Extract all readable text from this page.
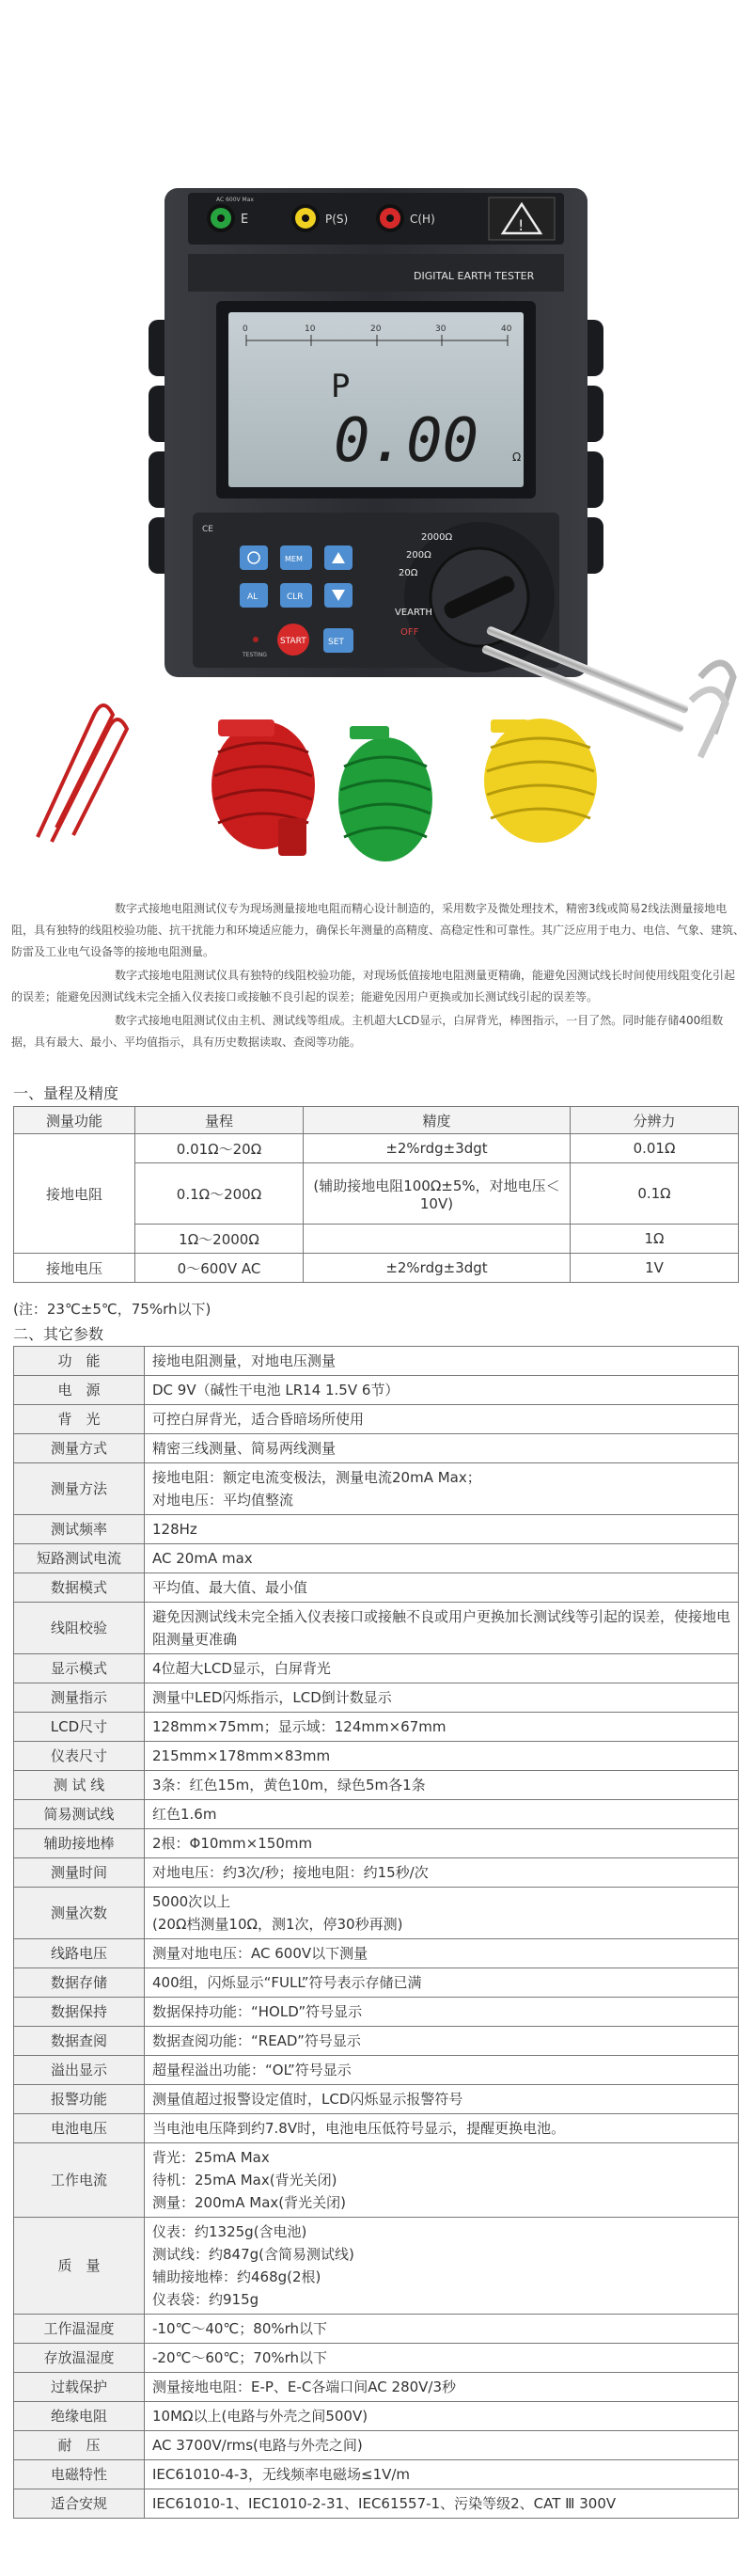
AC 600V Max
E	P(S)	C(H)	!
DIGITAL EARTH TESTER
0	10	20	30	40
P
0.00	Ω
CE
MEM
AL	CLR
TESTING
START	SET
2000Ω
200Ω
20Ω
VEARTH
OFF

数字式接地电阻测试仪专为现场测量接地电阻而精心设计制造的，采用数字及微处理技术，精密3线或简易2线法测量接地电阻，具有独特的线阻校验功能、抗干扰能力和环境适应能力，确保长年测量的高精度、高稳定性和可靠性。其广泛应用于电力、电信、气象、建筑、防雷及工业电气设备等的接地电阻测量。

数字式接地电阻测试仪具有独特的线阻校验功能，对现场低值接地电阻测量更精确，能避免因测试线长时间使用线阻变化引起的误差；能避免因测试线未完全插入仪表接口或接触不良引起的误差；能避免因用户更换或加长测试线引起的误差等。

数字式接地电阻测试仪由主机、测试线等组成。主机超大LCD显示，白屏背光，棒图指示，一目了然。同时能存储400组数据，具有最大、最小、平均值指示，具有历史数据读取、查阅等功能。

一、量程及精度
测量功能	量程	精度	分辨力
接地电阻	0.01Ω～20Ω	±2%rdg±3dgt	0.01Ω
	0.1Ω～200Ω	(辅助接地电阻100Ω±5%，对地电压＜10V)	0.1Ω
	1Ω～2000Ω		1Ω
接地电压	0～600V AC	±2%rdg±3dgt	1V
(注：23℃±5℃，75%rh以下)
二、其它参数
功　能	接地电阻测量，对地电压测量

电　源	DC 9V（碱性干电池 LR14 1.5V 6节）

背　光	可控白屏背光，适合昏暗场所使用

测量方式	精密三线测量、简易两线测量

测量方法	接地电阻：额定电流变极法，测量电流20mA Max；
对地电压：平均值整流

测试频率	128Hz

短路测试电流	AC 20mA max

数据模式	平均值、最大值、最小值

线阻校验	避免因测试线未完全插入仪表接口或接触不良或用户更换加长测试线等引起的误差，使接地电阻测量更准确

显示模式	4位超大LCD显示，白屏背光

测量指示	测量中LED闪烁指示，LCD倒计数显示

LCD尺寸	128mm×75mm；显示域：124mm×67mm

仪表尺寸	215mm×178mm×83mm

测 试 线	3条：红色15m，黄色10m，绿色5m各1条

简易测试线	红色1.6m

辅助接地棒	2根：Φ10mm×150mm

测量时间	对地电压：约3次/秒；接地电阻：约15秒/次

测量次数	5000次以上
(20Ω档测量10Ω，测1次，停30秒再测)

线路电压	测量对地电压：AC 600V以下测量

数据存储	400组，闪烁显示“FULL”符号表示存储已满

数据保持	数据保持功能：“HOLD”符号显示

数据查阅	数据查阅功能：“READ”符号显示

溢出显示	超量程溢出功能：“OL”符号显示

报警功能	测量值超过报警设定值时，LCD闪烁显示报警符号

电池电压	当电池电压降到约7.8V时，电池电压低符号显示，提醒更换电池。

工作电流	背光：25mA Max
待机：25mA Max(背光关闭)
测量：200mA Max(背光关闭)

质　量	仪表：约1325g(含电池)
测试线：约847g(含简易测试线)
辅助接地棒：约468g(2根)
仪表袋：约915g

工作温湿度	-10℃～40℃；80%rh以下

存放温湿度	-20℃～60℃；70%rh以下

过载保护	测量接地电阻：E-P、E-C各端口间AC 280V/3秒

绝缘电阻	10MΩ以上(电路与外壳之间500V)

耐　压	AC 3700V/rms(电路与外壳之间)

电磁特性	IEC61010-4-3，无线频率电磁场≤1V/m

适合安规	IEC61010-1、IEC1010-2-31、IEC61557-1、污染等级2、CAT Ⅲ 300V
